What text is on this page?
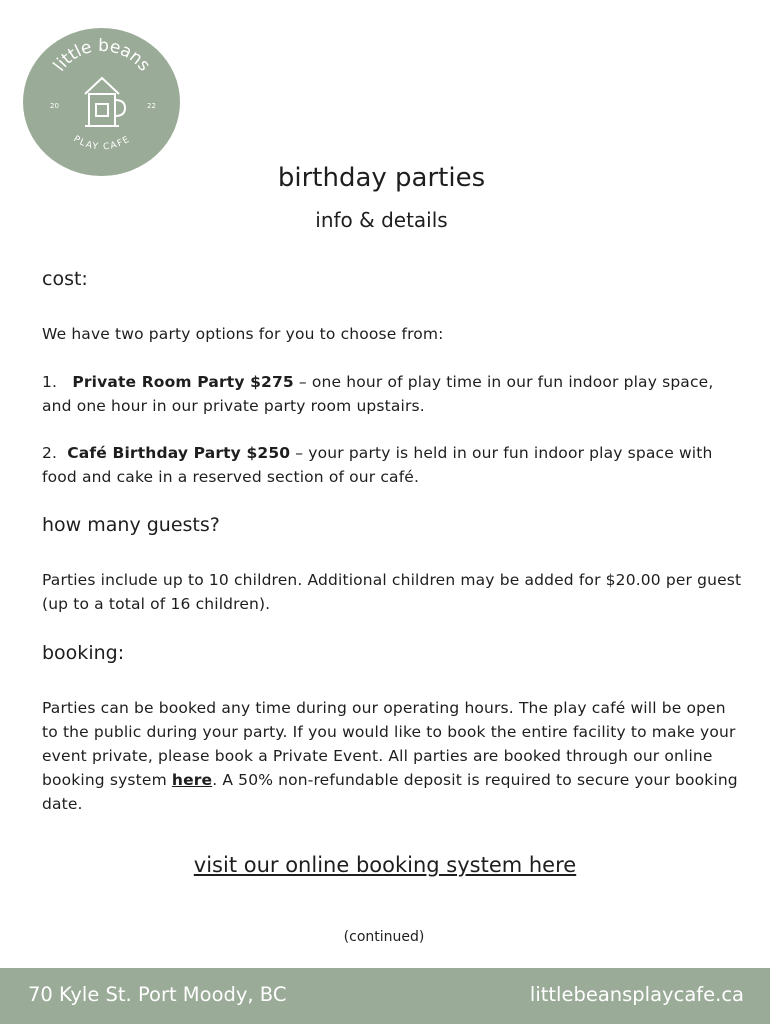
little beans
PLAY CAFE
20	22
birthday parties
info & details
cost:

We have two party options for you to choose from:

1. Private Room Party $275 – one hour of play time in our fun indoor play space, and one hour in our private party room upstairs.

2. Café Birthday Party $250 – your party is held in our fun indoor play space with food and cake in a reserved section of our café.

how many guests?

Parties include up to 10 children. Additional children may be added for $20.00 per guest (up to a total of 16 children).

booking:

Parties can be booked any time during our operating hours. The play café will be open to the public during your party. If you would like to book the entire facility to make your event private, please book a Private Event. All parties are booked through our online booking system here. A 50% non-refundable deposit is required to secure your booking date.

visit our online booking system here
(continued)
70 Kyle St. Port Moody, BC	littlebeansplaycafe.ca
